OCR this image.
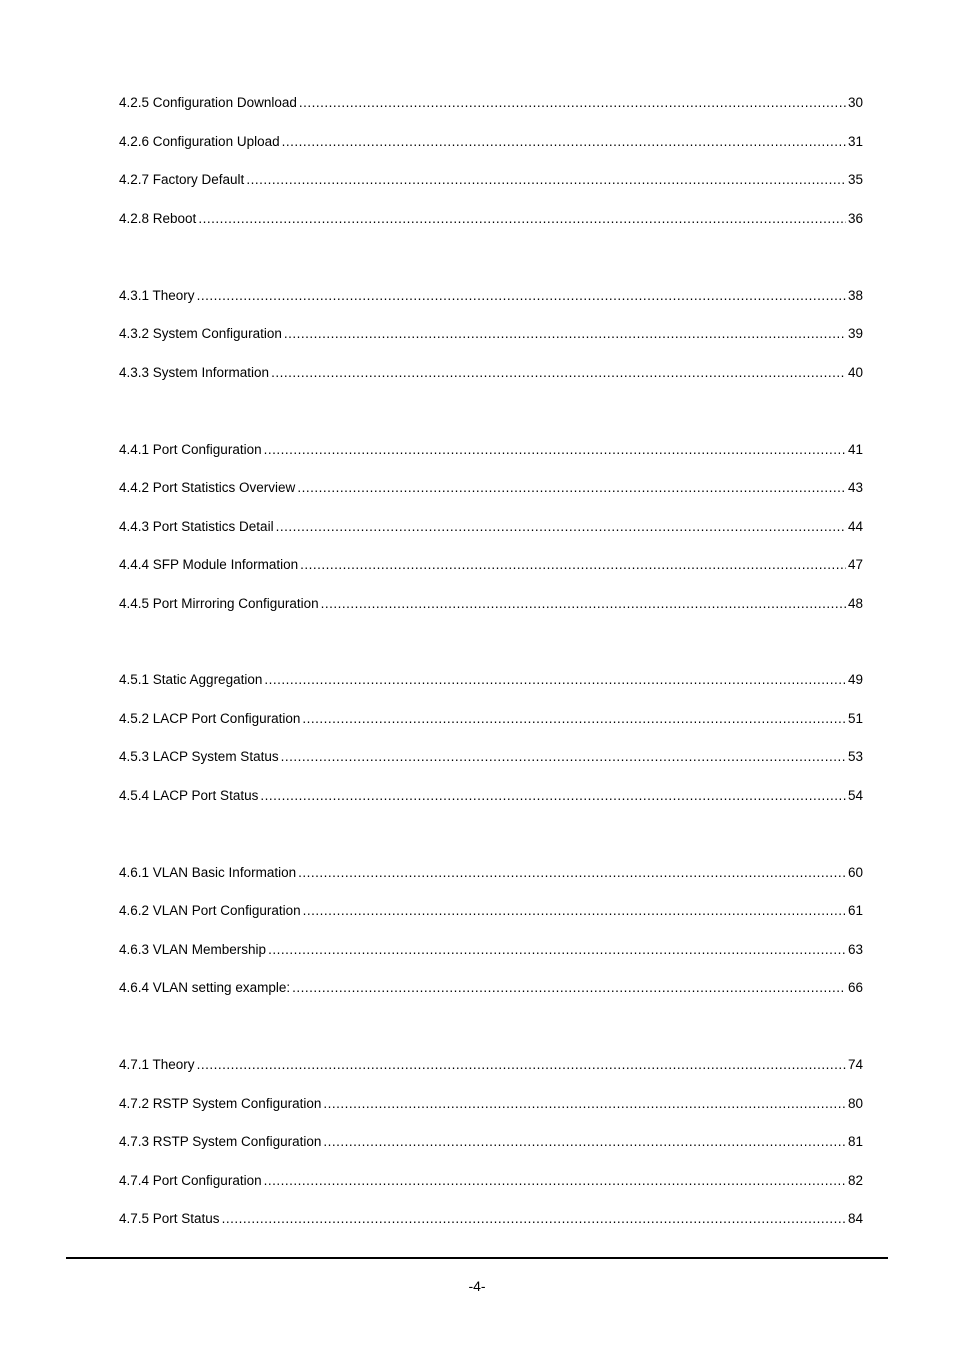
4.2.5 Configuration Download .....	30
4.2.6 Configuration Upload .....	31
4.2.7 Factory Default .....	35
4.2.8 Reboot .....	36
4.3.1 Theory .....	38
4.3.2 System Configuration .....	39
4.3.3 System Information .....	40
4.4.1 Port Configuration .....	41
4.4.2 Port Statistics Overview .....	43
4.4.3 Port Statistics Detail .....	44
4.4.4 SFP Module Information .....	47
4.4.5 Port Mirroring Configuration .....	48
4.5.1 Static Aggregation .....	49
4.5.2 LACP Port Configuration .....	51
4.5.3 LACP System Status .....	53
4.5.4 LACP Port Status .....	54
4.6.1 VLAN Basic Information .....	60
4.6.2 VLAN Port Configuration .....	61
4.6.3 VLAN Membership .....	63
4.6.4 VLAN setting example: .....	66
4.7.1 Theory .....	74
4.7.2 RSTP System Configuration .....	80
4.7.3 RSTP System Configuration .....	81
4.7.4 Port Configuration .....	82
4.7.5 Port Status .....	84
-4-
